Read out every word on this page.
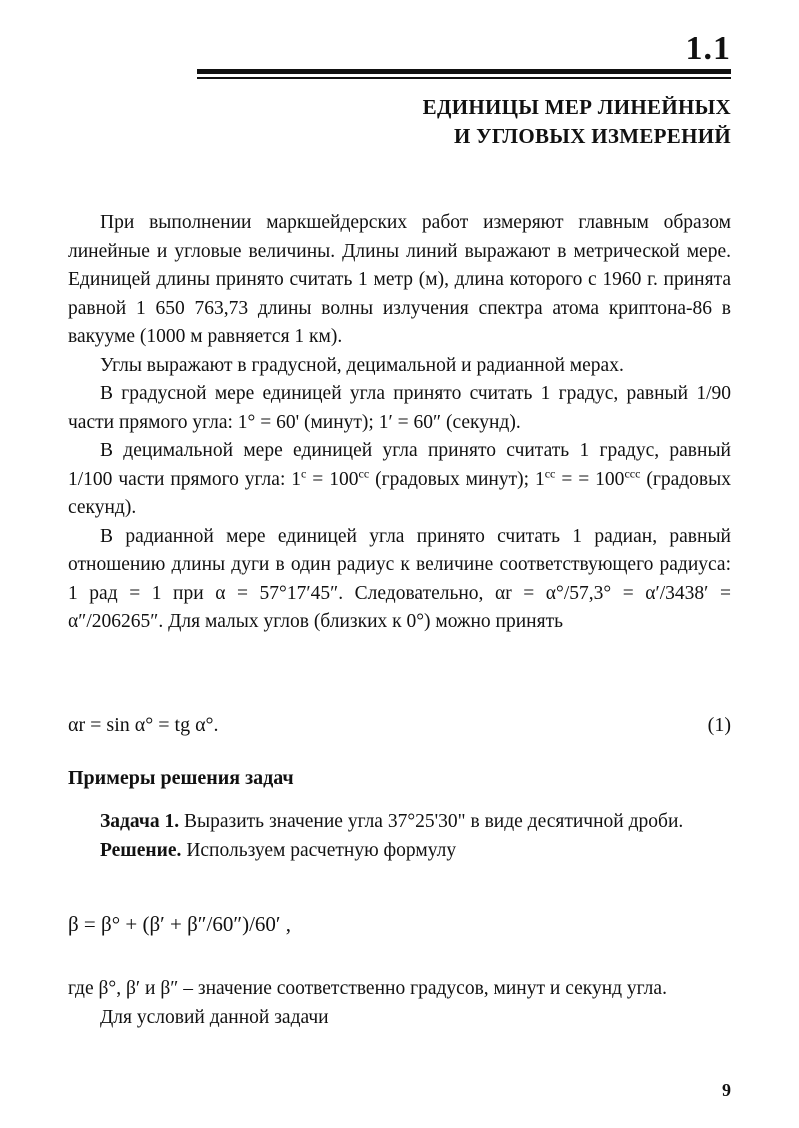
1.1
ЕДИНИЦЫ МЕР ЛИНЕЙНЫХ
И УГЛОВЫХ ИЗМЕРЕНИЙ

При выполнении маркшейдерских работ измеряют главным образом линейные и угловые величины. Длины линий выражают в метрической мере. Единицей длины принято считать 1 метр (м), длина которого с 1960 г. принята равной 1 650 763,73 длины волны излучения спектра атома криптона-86 в вакууме (1000 м равняется 1 км).

Углы выражают в градусной, децимальной и радианной мерах.

В градусной мере единицей угла принято считать 1 градус, равный 1/90 части прямого угла: 1° = 60' (минут); 1′ = 60″ (секунд).

В децимальной мере единицей угла принято считать 1 градус, равный 1/100 части прямого угла: $1^с = 100^{сс}$ (градовых минут); $1^{сс}$ = = $100^{ссс}$ (градовых секунд).

В радианной мере единицей угла принято считать 1 радиан, равный отношению длины дуги в один радиус к величине соответствующего радиуса: 1 рад = 1 при α = 57°17′45″. Следовательно, αr = α°/57,3° = α′/3438′ = α″/206265″. Для малых углов (близких к 0°) можно принять

αr = sin α° = tg α°.	(1)
Примеры решения задач

Задача 1. Выразить значение угла 37°25'30" в виде десятичной дроби.

Решение. Используем расчетную формулу

β = β° + (β′ + β″/60″)/60′ ,

где β°, β′ и β″ – значение соответственно градусов, минут и секунд угла.

Для условий данной задачи

9
